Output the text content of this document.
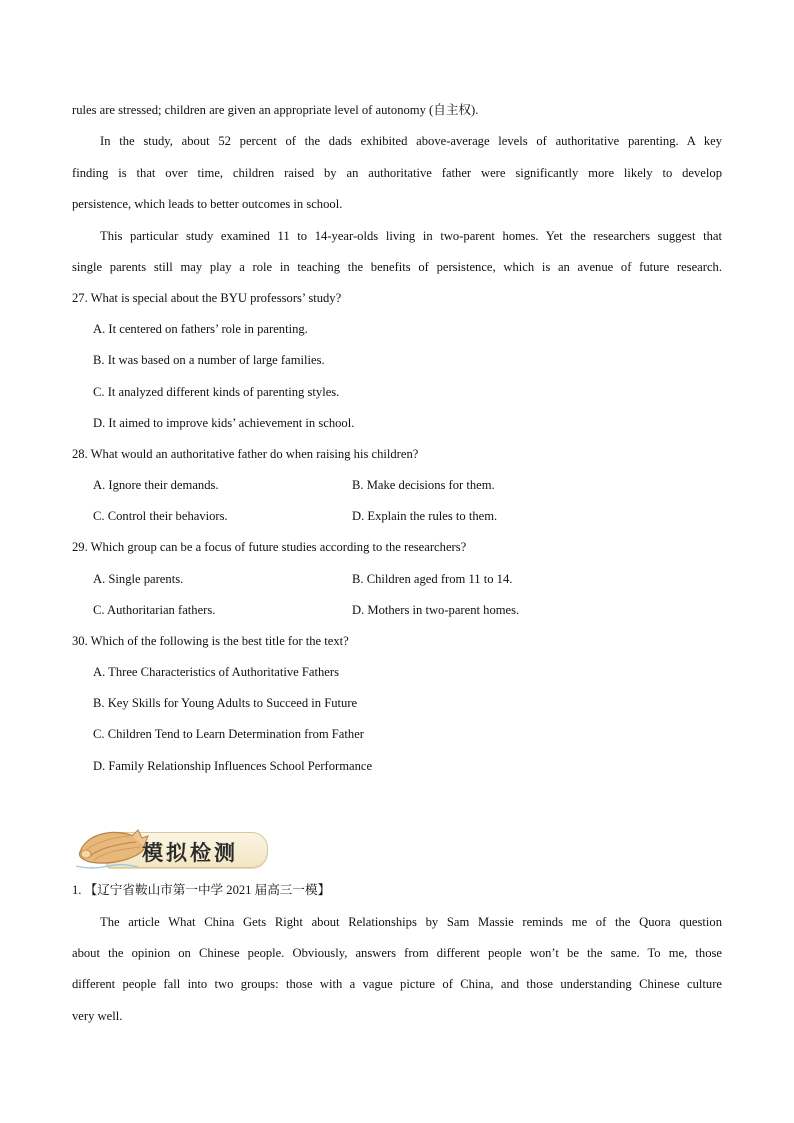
rules are stressed; children are given an appropriate level of autonomy (自主权).
In the study, about 52 percent of the dads exhibited above-average levels of authoritative parenting. A key
finding is that over time, children raised by an authoritative father were significantly more likely to develop
persistence, which leads to better outcomes in school.
This particular study examined 11 to 14-year-olds living in two-parent homes. Yet the researchers suggest that
single parents still may play a role in teaching the benefits of persistence, which is an avenue of future research.
27. What is special about the BYU professors’ study?
A. It centered on fathers’ role in parenting.
B. It was based on a number of large families.
C. It analyzed different kinds of parenting styles.
D. It aimed to improve kids’ achievement in school.
28. What would an authoritative father do when raising his children?
A. Ignore their demands.	B. Make decisions for them.
C. Control their behaviors.	D. Explain the rules to them.
29. Which group can be a focus of future studies according to the researchers?
A. Single parents.	B. Children aged from 11 to 14.
C. Authoritarian fathers.	D. Mothers in two-parent homes.
30. Which of the following is the best title for the text?
A. Three Characteristics of Authoritative Fathers
B. Key Skills for Young Adults to Succeed in Future
C. Children Tend to Learn Determination from Father
D. Family Relationship Influences School Performance
模拟检测
1. 【辽宁省鞍山市第一中学 2021 届高三一模】
The article What China Gets Right about Relationships by Sam Massie reminds me of the Quora question
about the opinion on Chinese people. Obviously, answers from different people won’t be the same. To me, those
different people fall into two groups: those with a vague picture of China, and those understanding Chinese culture
very well.
